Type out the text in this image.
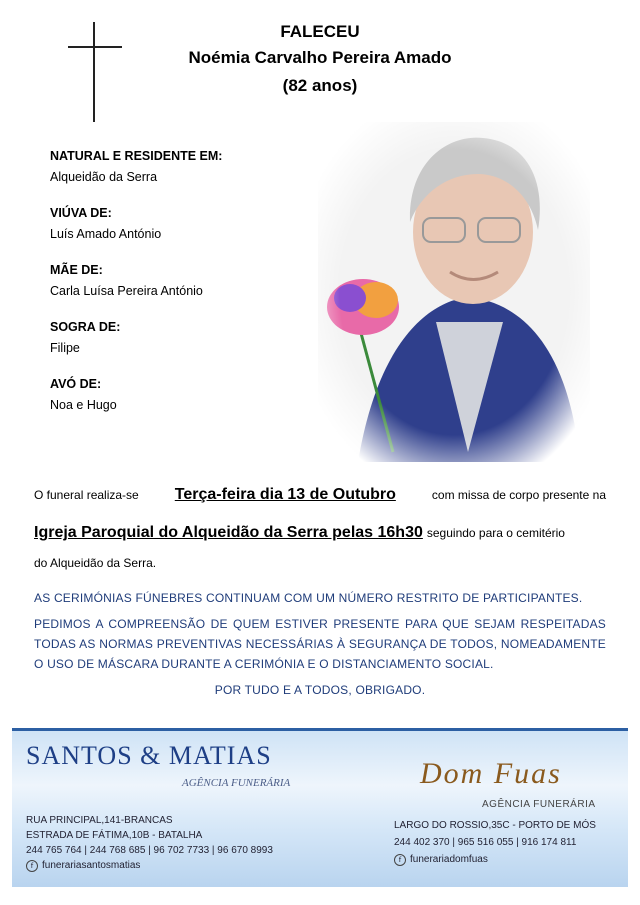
FALECEU
Noémia Carvalho Pereira Amado
(82 anos)
NATURAL E RESIDENTE EM:
Alqueidão da Serra
VIÚVA DE:
Luís Amado António
MÃE DE:
Carla Luísa Pereira António
SOGRA DE:
Filipe
AVÓ DE:
Noa e Hugo
O funeral realiza-se Terça-feira dia 13 de Outubro	com missa de corpo presente na
Igreja Paroquial do Alqueidão da Serra pelas 16h30 seguindo para o cemitério
do Alqueidão da Serra.

AS CERIMÓNIAS FÚNEBRES CONTINUAM COM UM NÚMERO RESTRITO DE PARTICIPANTES.

PEDIMOS A COMPREENSÃO DE QUEM ESTIVER PRESENTE PARA QUE SEJAM RESPEITADAS TODAS AS NORMAS PREVENTIVAS NECESSÁRIAS À SEGURANÇA DE TODOS, NOMEADAMENTE O USO DE MÁSCARA DURANTE A CERIMÓNIA E O DISTANCIAMENTO SOCIAL.

POR TUDO E A TODOS, OBRIGADO.

SANTOS & MATIAS
AGÊNCIA FUNERÁRIA
RUA PRINCIPAL,141-BRANCAS
ESTRADA DE FÁTIMA,10B - BATALHA
244 765 764 | 244 768 685 | 96 702 7733 | 96 670 8993
f funerariasantosmatias
Dom Fuas
AGÊNCIA FUNERÁRIA
LARGO DO ROSSIO,35C - PORTO DE MÓS
244 402 370 | 965 516 055 | 916 174 811
f funerariadomfuas
